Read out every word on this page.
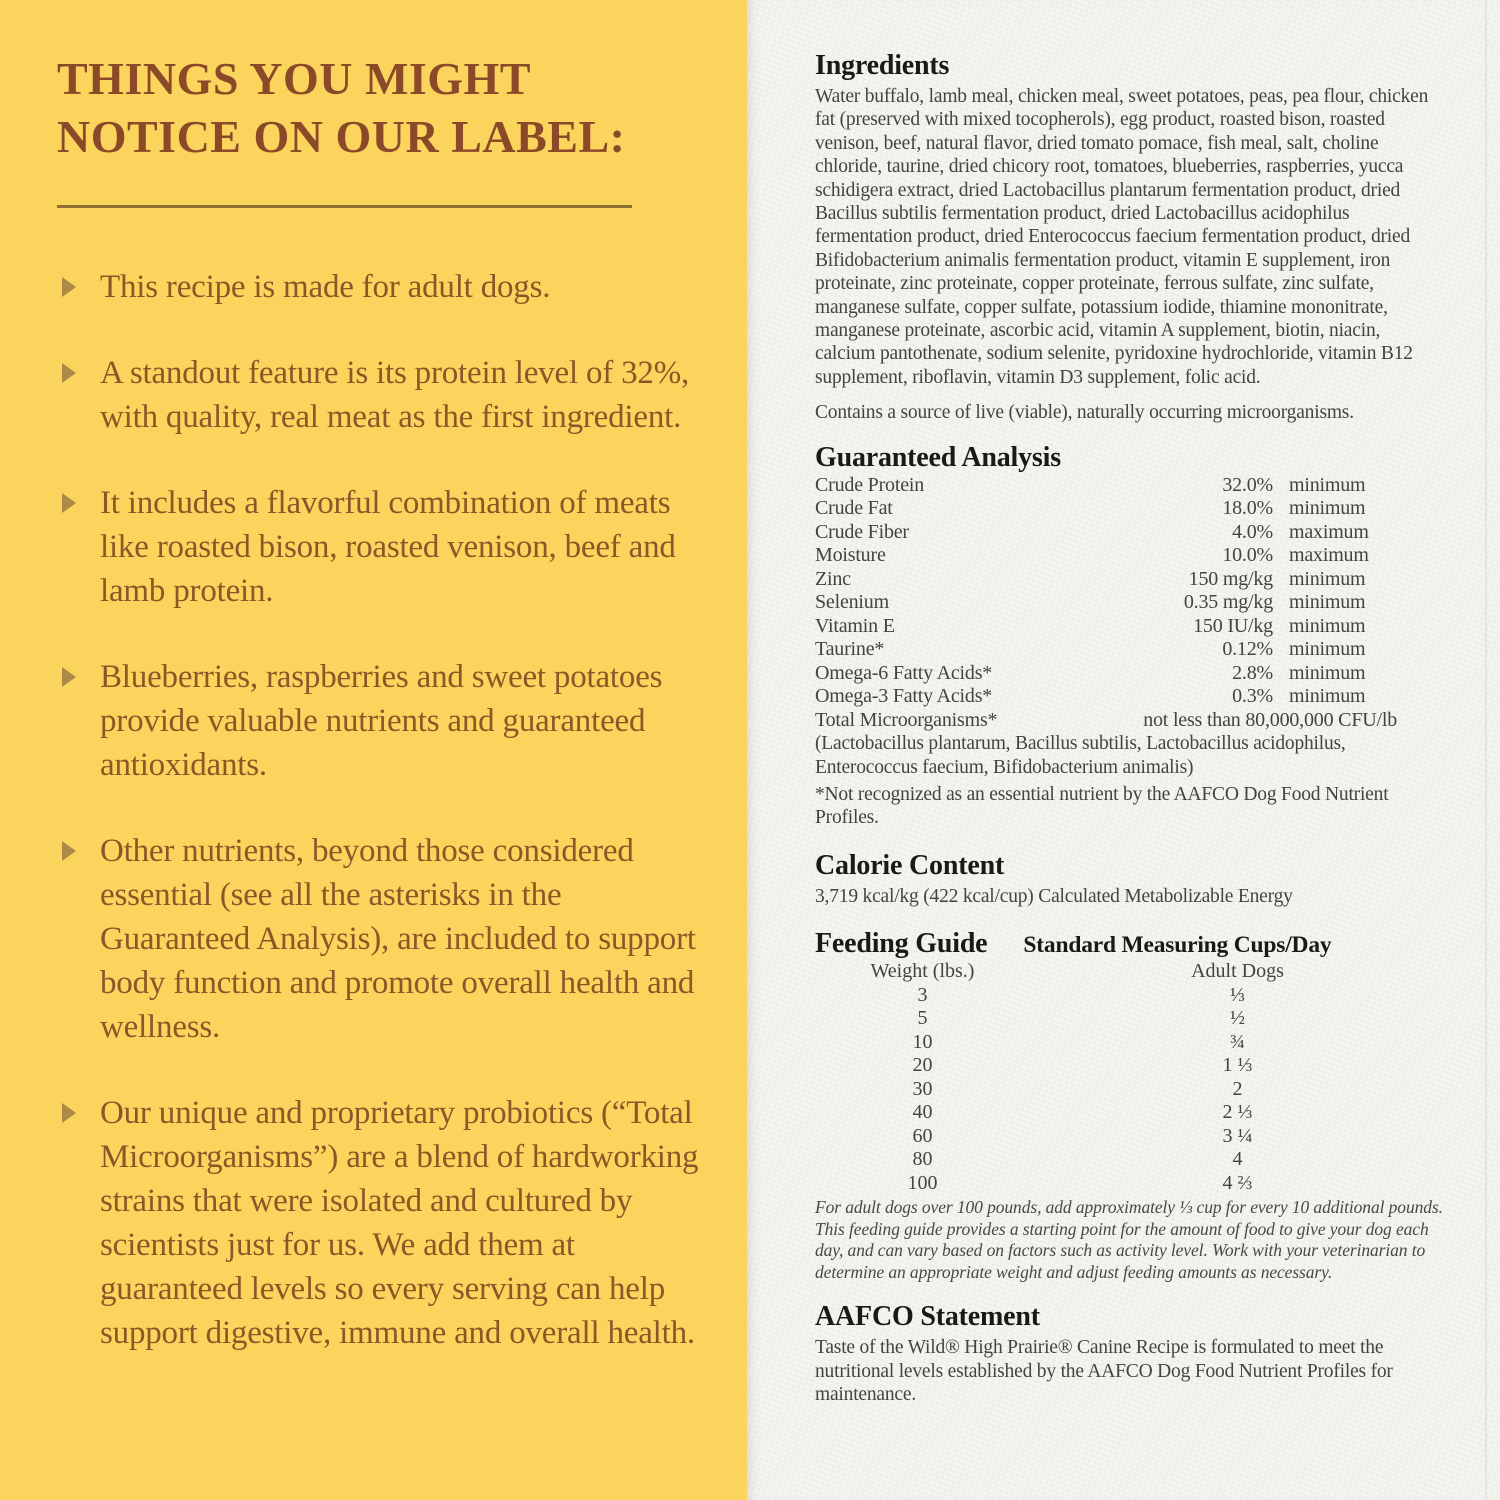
THINGS YOU MIGHT
NOTICE ON OUR LABEL:
This recipe is made for adult dogs.
A standout feature is its protein level of 32%, with quality, real meat as the first ingredient.
It includes a flavorful combination of meats like roasted bison, roasted venison, beef and lamb protein.
Blueberries, raspberries and sweet potatoes provide valuable nutrients and guaranteed antioxidants.
Other nutrients, beyond those considered essential (see all the asterisks in the Guaranteed Analysis), are included to support body function and promote overall health and wellness.
Our unique and proprietary probiotics (“Total Microorganisms”) are a blend of hardworking strains that were isolated and cultured by scientists just for us. We add them at guaranteed levels so every serving can help support digestive, immune and overall health.
Ingredients

Water buffalo, lamb meal, chicken meal, sweet potatoes, peas, pea flour, chicken fat (preserved with mixed tocopherols), egg product, roasted bison, roasted venison, beef, natural flavor, dried tomato pomace, fish meal, salt, choline chloride, taurine, dried chicory root, tomatoes, blueberries, raspberries, yucca schidigera extract, dried Lactobacillus plantarum fermentation product, dried Bacillus subtilis fermentation product, dried Lactobacillus acidophilus fermentation product, dried Enterococcus faecium fermentation product, dried Bifidobacterium animalis fermentation product, vitamin E supplement, iron proteinate, zinc proteinate, copper proteinate, ferrous sulfate, zinc sulfate, manganese sulfate, copper sulfate, potassium iodide, thiamine mononitrate, manganese proteinate, ascorbic acid, vitamin A supplement, biotin, niacin, calcium pantothenate, sodium selenite, pyridoxine hydrochloride, vitamin B12 supplement, riboflavin, vitamin D3 supplement, folic acid.

Contains a source of live (viable), naturally occurring microorganisms.

Guaranteed Analysis
Crude Protein	32.0% minimum
Crude Fat	18.0% minimum
Crude Fiber	4.0% maximum
Moisture	10.0% maximum
Zinc	150 mg/kg minimum
Selenium	0.35 mg/kg minimum
Vitamin E	150 IU/kg minimum
Taurine*	0.12% minimum
Omega-6 Fatty Acids*	2.8% minimum
Omega-3 Fatty Acids*	0.3% minimum
Total Microorganisms*	not less than 80,000,000 CFU/lb

(Lactobacillus plantarum, Bacillus subtilis, Lactobacillus acidophilus, Enterococcus faecium, Bifidobacterium animalis)

*Not recognized as an essential nutrient by the AAFCO Dog Food Nutrient Profiles.

Calorie Content

3,719 kcal/kg (422 kcal/cup) Calculated Metabolizable Energy

Feeding Guide Standard Measuring Cups/Day
Weight (lbs.)	Adult Dogs
3	⅓
5	½
10	¾
20	1 ⅓
30	2
40	2 ⅓
60	3 ¼
80	4
100	4 ⅔

For adult dogs over 100 pounds, add approximately ⅓ cup for every 10 additional pounds. This feeding guide provides a starting point for the amount of food to give your dog each day, and can vary based on factors such as activity level. Work with your veterinarian to determine an appropriate weight and adjust feeding amounts as necessary.

AAFCO Statement

Taste of the Wild® High Prairie® Canine Recipe is formulated to meet the nutritional levels established by the AAFCO Dog Food Nutrient Profiles for maintenance.
